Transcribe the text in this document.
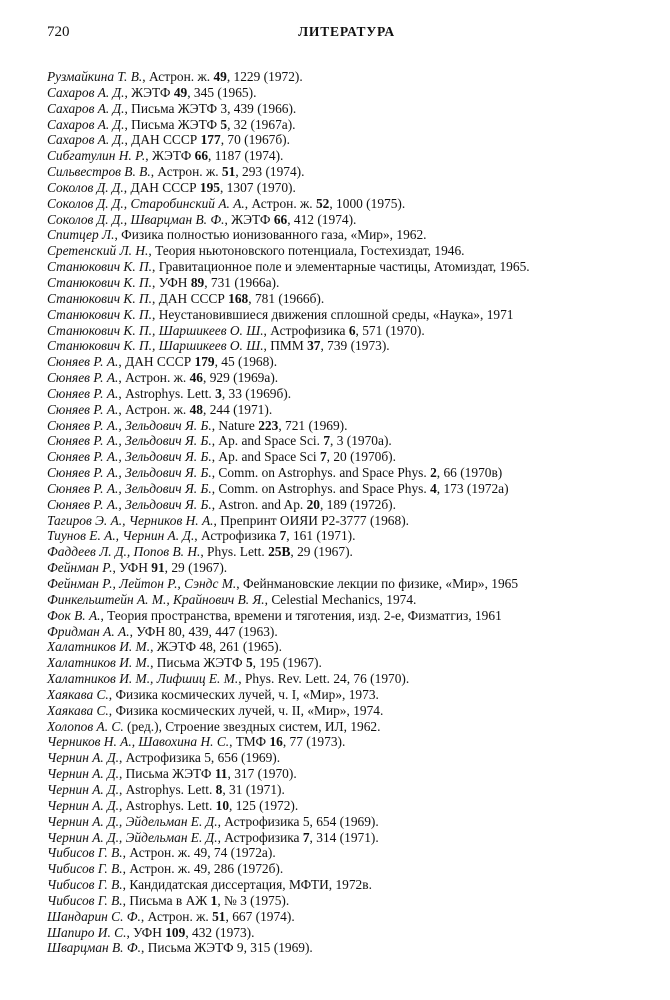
720	ЛИТЕРАТУРА
Рузмайкина Т. В., Астрон. ж. 49, 1229 (1972).
Сахаров А. Д., ЖЭТФ 49, 345 (1965).
Сахаров А. Д., Письма ЖЭТФ 3, 439 (1966).
Сахаров А. Д., Письма ЖЭТФ 5, 32 (1967а).
Сахаров А. Д., ДАН СССР 177, 70 (1967б).
Сибгатулин Н. Р., ЖЭТФ 66, 1187 (1974).
Сильвестров В. В., Астрон. ж. 51, 293 (1974).
Соколов Д. Д., ДАН СССР 195, 1307 (1970).
Соколов Д. Д., Старобинский А. А., Астрон. ж. 52, 1000 (1975).
Соколов Д. Д., Шварцман В. Ф., ЖЭТФ 66, 412 (1974).
Спитцер Л., Физика полностью ионизованного газа, «Мир», 1962.
Сретенский Л. Н., Теория ньютоновского потенциала, Гостехиздат, 1946.
Станюкович К. П., Гравитационное поле и элементарные частицы, Атомиздат, 1965.
Станюкович К. П., УФН 89, 731 (1966а).
Станюкович К. П., ДАН СССР 168, 781 (1966б).
Станюкович К. П., Неустановившиеся движения сплошной среды, «Наука», 1971
Станюкович К. П., Шаршикеев О. Ш., Астрофизика 6, 571 (1970).
Станюкович К. П., Шаршикеев О. Ш., ПММ 37, 739 (1973).
Сюняев Р. А., ДАН СССР 179, 45 (1968).
Сюняев Р. А., Астрон. ж. 46, 929 (1969а).
Сюняев Р. А., Astrophys. Lett. 3, 33 (1969б).
Сюняев Р. А., Астрон. ж. 48, 244 (1971).
Сюняев Р. А., Зельдович Я. Б., Nature 223, 721 (1969).
Сюняев Р. А., Зельдович Я. Б., Ap. and Space Sci. 7, 3 (1970а).
Сюняев Р. А., Зельдович Я. Б., Ap. and Space Sci 7, 20 (1970б).
Сюняев Р. А., Зельдович Я. Б., Comm. on Astrophys. and Space Phys. 2, 66 (1970в)
Сюняев Р. А., Зельдович Я. Б., Comm. on Astrophys. and Space Phys. 4, 173 (1972а)
Сюняев Р. А., Зельдович Я. Б., Astron. and Ap. 20, 189 (1972б).
Тагиров Э. А., Черников Н. А., Препринт ОИЯИ Р2-3777 (1968).
Тиунов Е. А., Чернин А. Д., Астрофизика 7, 161 (1971).
Фаддеев Л. Д., Попов В. Н., Phys. Lett. 25B, 29 (1967).
Фейнман Р., УФН 91, 29 (1967).
Фейнман Р., Лейтон Р., Сэндс М., Фейнмановские лекции по физике, «Мир», 1965
Финкельштейн А. М., Крайнович В. Я., Celestial Mechanics, 1974.
Фок В. А., Теория пространства, времени и тяготения, изд. 2-е, Физматгиз, 1961
Фридман А. А., УФН 80, 439, 447 (1963).
Халатников И. М., ЖЭТФ 48, 261 (1965).
Халатников И. М., Письма ЖЭТФ 5, 195 (1967).
Халатников И. М., Лифшиц Е. М., Phys. Rev. Lett. 24, 76 (1970).
Хаякава С., Физика космических лучей, ч. I, «Мир», 1973.
Хаякава С., Физика космических лучей, ч. II, «Мир», 1974.
Холопов А. С. (ред.), Строение звездных систем, ИЛ, 1962.
Черников Н. А., Шавохина Н. С., ТМФ 16, 77 (1973).
Чернин А. Д., Астрофизика 5, 656 (1969).
Чернин А. Д., Письма ЖЭТФ 11, 317 (1970).
Чернин А. Д., Astrophys. Lett. 8, 31 (1971).
Чернин А. Д., Astrophys. Lett. 10, 125 (1972).
Чернин А. Д., Эйдельман Е. Д., Астрофизика 5, 654 (1969).
Чернин А. Д., Эйдельман Е. Д., Астрофизика 7, 314 (1971).
Чибисов Г. В., Астрон. ж. 49, 74 (1972а).
Чибисов Г. В., Астрон. ж. 49, 286 (1972б).
Чибисов Г. В., Кандидатская диссертация, МФТИ, 1972в.
Чибисов Г. В., Письма в АЖ 1, № 3 (1975).
Шандарин С. Ф., Астрон. ж. 51, 667 (1974).
Шапиро И. С., УФН 109, 432 (1973).
Шварцман В. Ф., Письма ЖЭТФ 9, 315 (1969).
